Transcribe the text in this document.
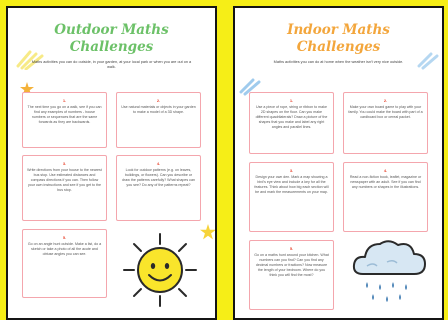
Outdoor Maths
Challenges
Maths activities you can do outside, in your garden, at your local park or when you are out on a walk.
1.
The next time you go on a walk, see if you can find any examples of numbers - house numbers or sequences that are the same forwards as they are backwards.
2.
Use natural materials or objects in your garden to make a model of a 3D shape.
3.
Write directions from your house to the nearest bus stop. Use estimated distances and compass directions if you can. Then follow your own instructions and see if you get to the bus stop.
4.
Look for outdoor patterns (e.g. on leaves, buildings, or flowers). Can you describe or draw the patterns carefully? What shapes can you see? Do any of the patterns repeat?
5.
Go on an angle hunt outside. Make a list, do a sketch or take a photo of all the acute and obtuse angles you can see.
Indoor Maths
Challenges
Maths activities you can do at home when the weather isn't very nice outside.
1.
Use a piece of rope, string or ribbon to make 2D shapes on the floor. Can you make different quadrilaterals? Draw a picture of the shapes that you make and label any right angles and parallel lines.
2.
Make your own board game to play with your family. You could make the board with part of a cardboard box or cereal packet.
3.
Design your own den. Mark a map showing a bird's eye view and include a key for all the features. Think about how big each section will be and mark the measurements on your map.
4.
Read a non-fiction book, leaflet, magazine or newspaper with an adult. See if you can find any numbers or shapes in the illustrations.
5.
Go on a maths hunt around your kitchen. What numbers can you find? Can you find any decimal numbers or fractions? Now measure the length of your bedroom. Where do you think you will find the most?
